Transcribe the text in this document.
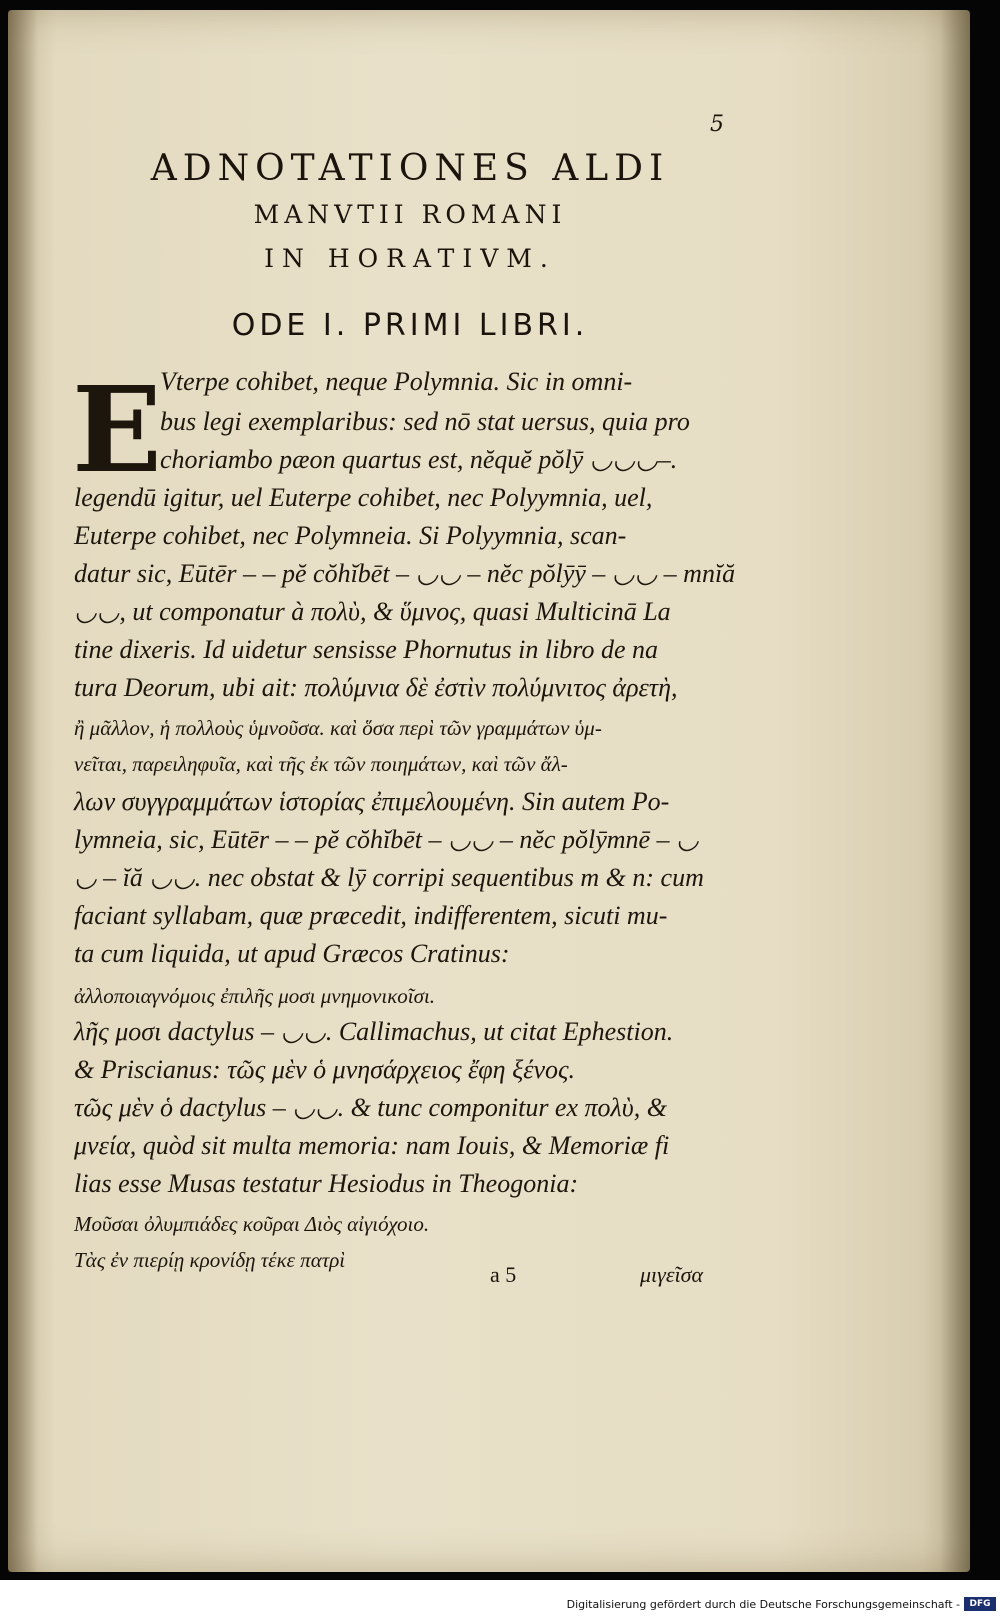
5
ADNOTATIONES ALDI
MANVTII ROMANI
IN HORATIVM.
ODE I. PRIMI LIBRI.
E
Vterpe cohibet, neque Polymnia. Sic in omni-
bus legi exemplaribus: sed nō stat uersus, quia pro
choriambo pæon quartus est, nĕquĕ pŏlȳ ◡◡◡–.
legendū igitur, uel Euterpe cohibet, nec Polyymnia, uel,
Euterpe cohibet, nec Polymneia. Si Polyymnia, scan-
datur sic, Eūtēr – – pĕ cŏhĭbēt – ◡◡ – nĕc pŏlȳȳ – ◡◡ – mnĭă
◡◡, ut componatur à πολὺ, & ὕμνος, quasi Multicinā La
tine dixeris. Id uidetur sensisse Phornutus in libro de na
tura Deorum, ubi ait: πολύμνια δὲ ἐστὶν πολύμνιτος ἀρετὴ,
ἢ μᾶλλον, ἡ πολλοὺς ὑμνοῦσα. καὶ ὅσα περὶ τῶν γραμμάτων ὑμ-
νεῖται, παρειληφυῖα, καὶ τῆς ἐκ τῶν ποιημάτων, καὶ τῶν ἄλ-
λων συγγραμμάτων ἱστορίας ἐπιμελουμένη. Sin autem Po-
lymneia, sic, Eūtēr – – pĕ cŏhĭbēt – ◡◡ – nĕc pŏlȳmnē – ◡
◡ – ĭă ◡◡. nec obstat & lȳ corripi sequentibus m & n: cum
faciant syllabam, quæ præcedit, indifferentem, sicuti mu-
ta cum liquida, ut apud Græcos Cratinus:
ἀλλοποιαγνόμοις ἐπιλῆς μοσι μνημονικοῖσι.
λῆς μοσι dactylus – ◡◡. Callimachus, ut citat Ephestion.
& Priscianus: τῶς μὲν ὁ μνησάρχειος ἔφη ξένος.
τῶς μὲν ὁ dactylus – ◡◡. & tunc componitur ex πολὺ, &
μνεία, quòd sit multa memoria: nam Iouis, & Memoriæ fi
lias esse Musas testatur Hesiodus in Theogonia:
Μοῦσαι ὀλυμπιάδες κοῦραι Διὸς αἰγιόχοιο.
Τὰς ἐν πιερίῃ κρονίδῃ τέκε πατρὶ
a 5	μιγεῖσα
Digitalisierung gefördert durch die Deutsche Forschungsgemeinschaft -	DFG
